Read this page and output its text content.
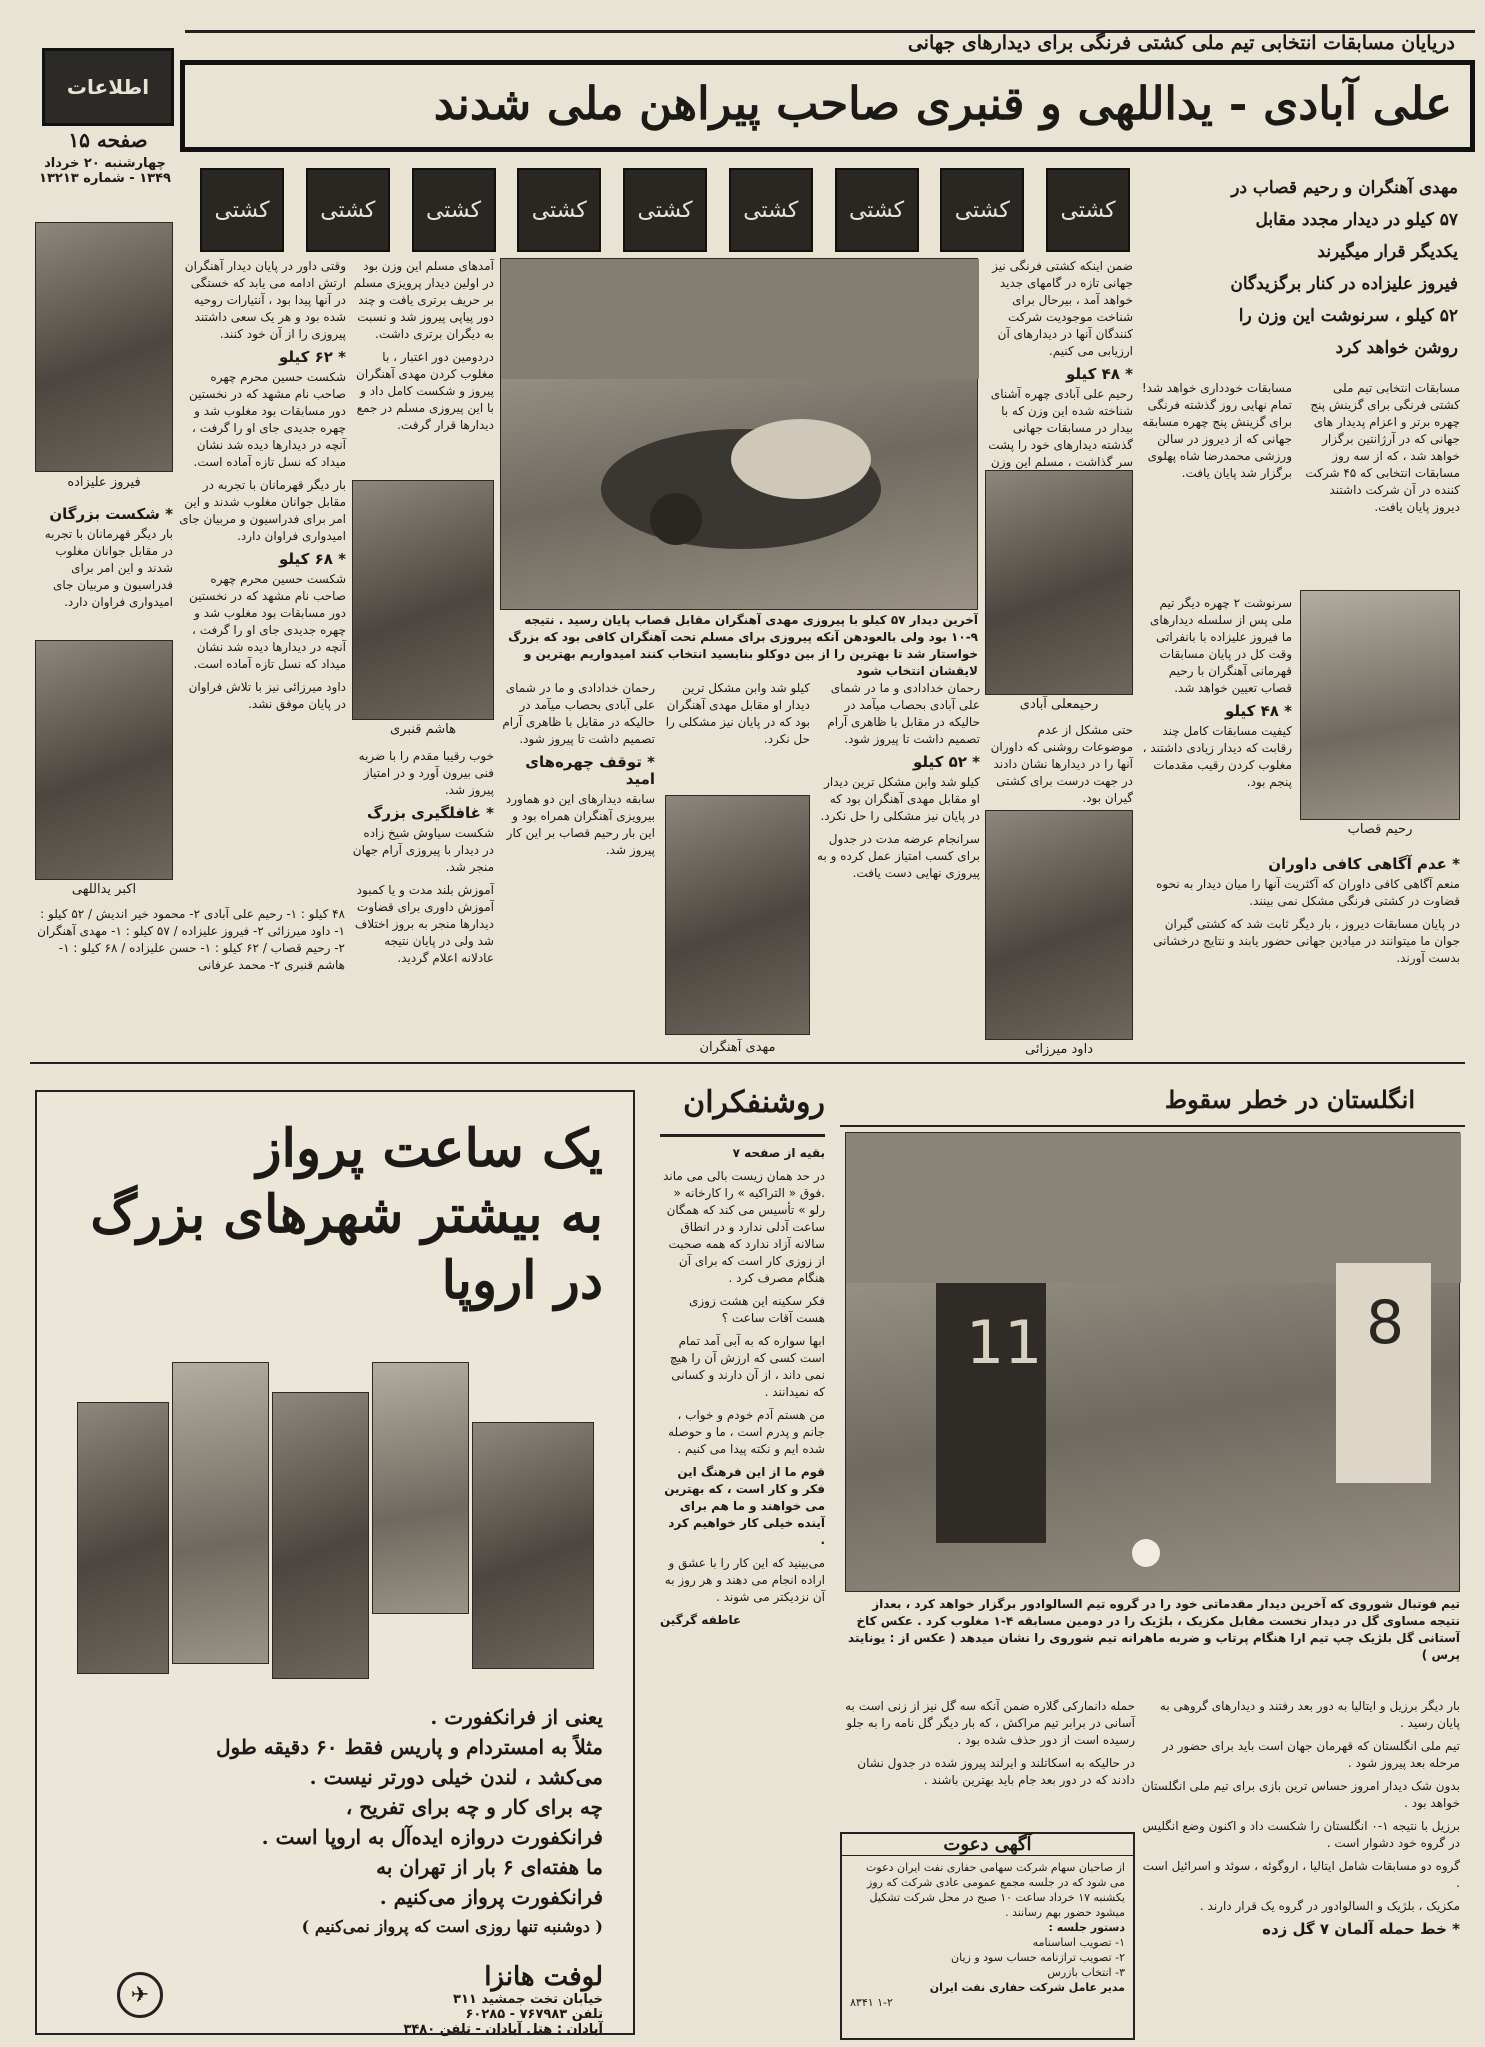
دریایان مسابقات انتخابی تیم ملی کشتی فرنگی برای دیدارهای جهانی
علی آبادی - یداللهی و قنبری صاحب پیراهن ملی شدند
اطلاعات
صفحه ۱۵
چهارشنبه ۲۰ خرداد ۱۳۴۹ - شماره ۱۳۲۱۳
کشتی
کشتی
کشتی
کشتی
کشتی
کشتی
کشتی
کشتی
کشتی
مهدی آهنگران و رحیم قصاب در
۵۷ کیلو در دیدار مجدد مقابل
یکدیگر قرار میگیرند
فیروز علیزاده در کنار برگزیدگان
۵۲ کیلو ، سرنوشت این وزن را
روشن خواهد کرد

مسابقات انتخابی تیم ملی کشتی فرنگی برای گزینش پنج چهره برتر و اعزام پدیدار های جهانی که در آرژانتین برگزار خواهد شد ، که از سه روز مسابقات انتخابی که ۴۵ شرکت کننده در آن شرکت داشتند دیروز پایان یافت.

مسابقات خودداری خواهد شد! تمام نهایی روز گذشته فرنگی برای گزینش پنج چهره مسابقه جهانی که از دیروز در سالن ورزشی محمدرضا شاه پهلوی برگزار شد پایان یافت.

رحیم قصاب

سرنوشت ۲ چهره دیگر تیم ملی پس از سلسله دیدارهای ما فیروز علیزاده با بانفراتی وقت کل در پایان مسابقات قهرمانی آهنگران با رحیم قصاب تعیین خواهد شد.

* ۴۸ کیلو

کیفیت مسابقات کامل چند رقابت که دیدار زیادی داشتند ، مغلوب کردن رقیب مقدمات پنجم بود.

* عدم آگاهی کافی داوران

منعم آگاهی کافی داوران که آکثریت آنها را میان دیدار به نحوه قضاوت در کشتی فرنگی مشکل نمی بینند.

در پایان مسابقات دیروز ، بار دیگر ثابت شد که کشتی گیران جوان ما میتوانند در میادین جهانی حضور یابند و نتایج درخشانی بدست آورند.

ضمن اینکه کشتی فرنگی نیز جهانی تازه در گامهای جدید خواهد آمد ، بیرحال برای شناخت موجودیت شرکت کنندگان آنها در دیدارهای آن ارزیابی می کنیم.

* ۴۸ کیلو

رحیم علی آبادی چهره آشنای شناخته شده این وزن که با بیدار در مسابقات جهانی گذشته دیدارهای خود را پشت سر گذاشت ، مسلم این وزن

رحیمعلی آبادی

حتی مشکل از عدم موضوعات روشنی که داوران آنها را در دیدارها نشان دادند در جهت درست برای کشتی گیران بود.

داود میرزائی
آخرین دیدار ۵۷ کیلو با پیروزی مهدی آهنگران مقابل قصاب پایان رسید . نتیجه ۹-۱۰ بود ولی بالعودهن آنکه پیروزی برای مسلم تحت آهنگران کافی بود که بزرگ خواستار شد تا بهترین را از بین دوکلو بنابسید انتخاب کنند امیدواریم بهترین و لایقشان انتخاب شود

رحمان خدادادی و ما در شمای علی آبادی بحصاب میآمد در حالیکه در مقابل با ظاهری آرام تصمیم داشت تا پیروز شود.

* ۵۲ کیلو

کیلو شد وابن مشکل ترین دیدار او مقابل مهدی آهنگران بود که در پایان نیز مشکلی را حل نکرد.

سرانجام عرضه مدت در جدول برای کسب امتیاز عمل کرده و به پیروزی نهایی دست یافت.

کیلو شد وابن مشکل ترین دیدار او مقابل مهدی آهنگران بود که در پایان نیز مشکلی را حل نکرد.

مهدی آهنگران

رحمان خدادادی و ما در شمای علی آبادی بحصاب میآمد در حالیکه در مقابل با ظاهری آرام تصمیم داشت تا پیروز شود.

* توقف چهره‌های امید

سابقه دیدارهای این دو هماورد بیرویزی آهنگران همراه بود و این بار رحیم قصاب بر این کار پیروز شد.

آمدهای مسلم این وزن بود در اولین دیدار پرویزی مسلم بر حریف برتری یافت و چند دور پیاپی پیروز شد و نسبت به دیگران برتری داشت.

دردومین دور اعتبار ، با مغلوب کردن مهدی آهنگران پیروز و شکست کامل داد و با این پیروزی مسلم در جمع دیدارها قرار گرفت.

هاشم قنبری

خوب رقیبا مقدم را با ضربه فنی بیرون آورد و در امتیاز پیروز شد.

* غافلگیری بزرگ

شکست سیاوش شیخ زاده در دیدار با پیروزی آرام جهان منجر شد.

آموزش بلند مدت و یا کمبود آموزش داوری برای قضاوت دیدارها منجر به بروز اختلاف شد ولی در پایان نتیجه عادلانه اعلام گردید.

وقتی داور در پایان دیدار آهنگران ارتش ادامه می یابد که خستگی در آنها پیدا بود ، آنتیارات روحیه شده بود و هر یک سعی داشتند پیروزی را از آن خود کنند.

* ۶۲ کیلو

شکست حسین محرم چهره صاحب نام مشهد که در نخستین دور مسابقات بود مغلوب شد و چهره جدیدی جای او را گرفت ، آنچه در دیدارها دیده شد نشان میداد که نسل تازه آماده است.

بار دیگر قهرمانان با تجربه در مقابل جوانان مغلوب شدند و این امر برای فدراسیون و مربیان جای امیدواری فراوان دارد.

* ۶۸ کیلو

شکست حسین محرم چهره صاحب نام مشهد که در نخستین دور مسابقات بود مغلوب شد و چهره جدیدی جای او را گرفت ، آنچه در دیدارها دیده شد نشان میداد که نسل تازه آماده است.

داود میرزائی نیز با تلاش فراوان در پایان موفق نشد.

فیروز علیزاده
* شکست بزرگان

بار دیگر قهرمانان با تجربه در مقابل جوانان مغلوب شدند و این امر برای فدراسیون و مربیان جای امیدواری فراوان دارد.

اکبر یداللهی
۴۸ کیلو : ۱- رحیم علی آبادی ۲- محمود خیر اندیش / ۵۲ کیلو : ۱- داود میرزائی ۲- فیروز علیزاده / ۵۷ کیلو : ۱- مهدی آهنگران ۲- رحیم قصاب / ۶۲ کیلو : ۱- حسن علیزاده / ۶۸ کیلو : ۱- هاشم قنبری ۲- محمد عرفانی
یک ساعت پرواز
به بیشتر شهرهای بزرگ
در اروپا
یعنی از فرانکفورت .
مثلاً به امستردام و پاریس فقط ۶۰ دقیقه طول
می‌کشد ، لندن خیلی دورتر نیست .
چه برای کار و چه برای تفریح ،
فرانکفورت دروازه ایده‌آل به اروپا است .
ما هفته‌ای ۶ بار از تهران به
فرانکفورت پرواز می‌کنیم .
( دوشنبه تنها روزی است که پرواز نمی‌کنیم )
لوفت هانزا
خیابان تخت جمشید ۳۱۱
تلفن ۷۶۷۹۸۳ - ۶۰۲۸۵
آبادان : هتل آبادان - تلفن ۳۴۸۰
✈
روشنفکران

بقیه از صفحه ۷

در حد همان زیست بالی می ماند .فوق « التراکیه » را کارخانه « رلو » تأسیس می کند که همگان ساعت آدلی ندارد و در انطاق سالانه آزاد ندارد که همه صحبت از زوزی کار است که برای آن هنگام مصرف کرد .

فکر سکینه این هشت زوزی هست آقات ساعت ؟

ابها سواره که به آبی آمد تمام است کسی که ارزش آن را هیچ نمی داند ، از آن دارند و کسانی که نمیدانند .

من هستم آدم خودم و خواب ، جانم و پدرم است ، ما و حوصله شده ایم و نکته پیدا می کنیم .

قوم ما از این فرهنگ این فکر و کار است ، که بهترین می خواهند و ما هم برای آینده خیلی کار خواهیم کرد .

می‌بینید که این کار را با عشق و اراده انجام می دهند و هر روز به آن نزدیکتر می شوند .

عاطفه گرگین

انگلستان در خطر سقوط
11	8
تیم فوتبال شوروی که آخرین دیدار مقدماتی خود را در گروه تیم السالوادور برگزار خواهد کرد ، بعداز نتیجه مساوی گل در دیدار نخست مقابل مکزیک ، بلژیک را در دومین مسابقه ۴-۱ مغلوب کرد . عکس کاخ آستانی گل بلژیک چپ تیم ارا هنگام پرتاب و ضربه ماهرانه تیم شوروی را نشان میدهد ( عکس از : یونایتد پرس )

بار دیگر برزیل و ایتالیا به دور بعد رفتند و دیدارهای گروهی به پایان رسید .

تیم ملی انگلستان که قهرمان جهان است باید برای حضور در مرحله بعد پیروز شود .

بدون شک دیدار امروز حساس ترین بازی برای تیم ملی انگلستان خواهد بود .

برزیل با نتیجه ۱-۰ انگلستان را شکست داد و اکنون وضع انگلیس در گروه خود دشوار است .

گروه دو مسابقات شامل ایتالیا ، اروگوئه ، سوئد و اسرائیل است .

مکزیک ، بلژیک و السالوادور در گروه یک قرار دارند .

* خط حمله آلمان ۷ گل زده

حمله دانمارکی گلاره ضمن آنکه سه گل نیز از زنی است به آسانی در برابر تیم مراکش ، که بار دیگر گل نامه را به جلو رسیده است از دور حذف شده بود .

در حالیکه به اسکاتلند و ایرلند پیروز شده در جدول نشان دادند که در دور بعد جام باید بهترین باشند .

آگهی دعوت
از صاحبان سهام شرکت سهامی حفاری نفت ایران دعوت می شود که در جلسه مجمع عمومی عادی شرکت که روز یکشنبه ۱۷ خرداد ساعت ۱۰ صبح در محل شرکت تشکیل میشود حضور بهم رسانند .
دستور جلسه :
۱- تصویب اساسنامه
۲- تصویب ترازنامه حساب سود و زیان
۳- انتخاب بازرس
مدیر عامل شرکت حفاری نفت ایران
۱-۲ ۸۳۴۱
